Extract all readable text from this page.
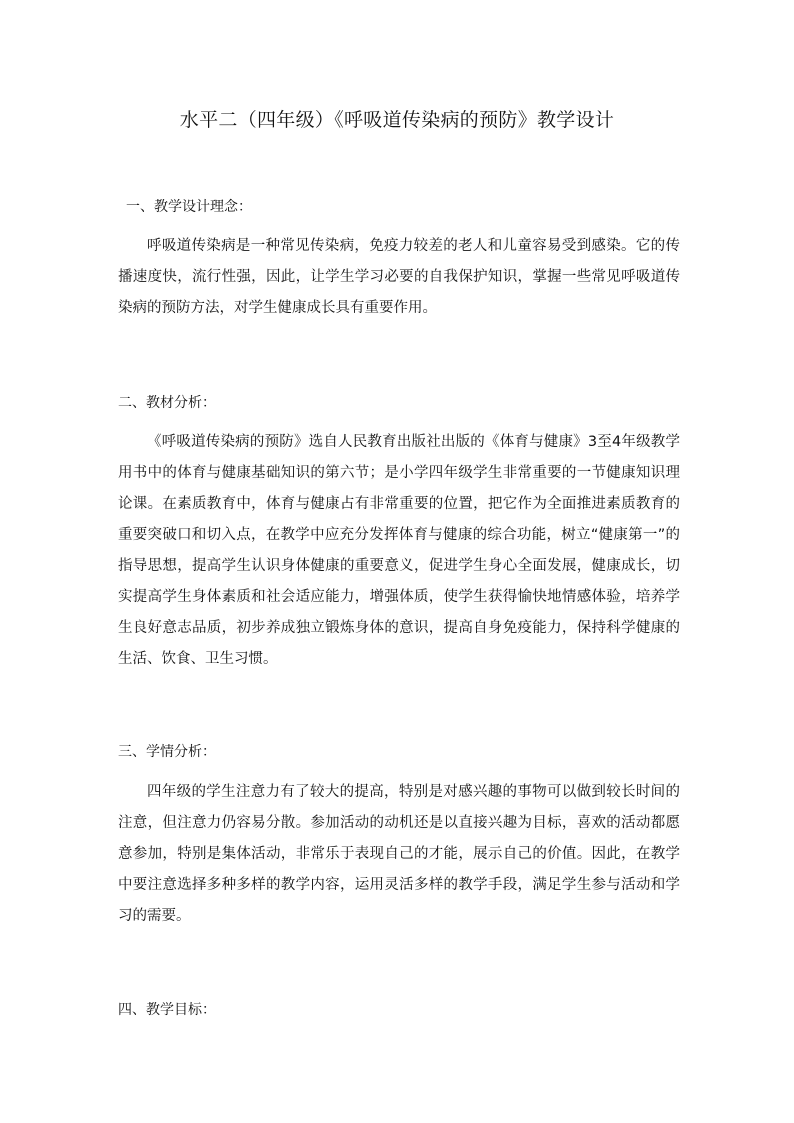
水平二（四年级）《呼吸道传染病的预防》教学设计
一、教学设计理念：

呼吸道传染病是一种常见传染病，免疫力较差的老人和儿童容易受到感染。它的传播速度快，流行性强，因此，让学生学习必要的自我保护知识，掌握一些常见呼吸道传染病的预防方法，对学生健康成长具有重要作用。

二、教材分析：

《呼吸道传染病的预防》选自人民教育出版社出版的《体育与健康》3至4年级教学用书中的体育与健康基础知识的第六节；是小学四年级学生非常重要的一节健康知识理论课。在素质教育中，体育与健康占有非常重要的位置，把它作为全面推进素质教育的重要突破口和切入点，在教学中应充分发挥体育与健康的综合功能，树立“健康第一”的指导思想，提高学生认识身体健康的重要意义，促进学生身心全面发展，健康成长，切实提高学生身体素质和社会适应能力，增强体质，使学生获得愉快地情感体验，培养学生良好意志品质，初步养成独立锻炼身体的意识，提高自身免疫能力，保持科学健康的生活、饮食、卫生习惯。

三、学情分析：

四年级的学生注意力有了较大的提高，特别是对感兴趣的事物可以做到较长时间的注意，但注意力仍容易分散。参加活动的动机还是以直接兴趣为目标，喜欢的活动都愿意参加，特别是集体活动，非常乐于表现自己的才能，展示自己的价值。因此，在教学中要注意选择多种多样的教学内容，运用灵活多样的教学手段，满足学生参与活动和学习的需要。

四、教学目标：
